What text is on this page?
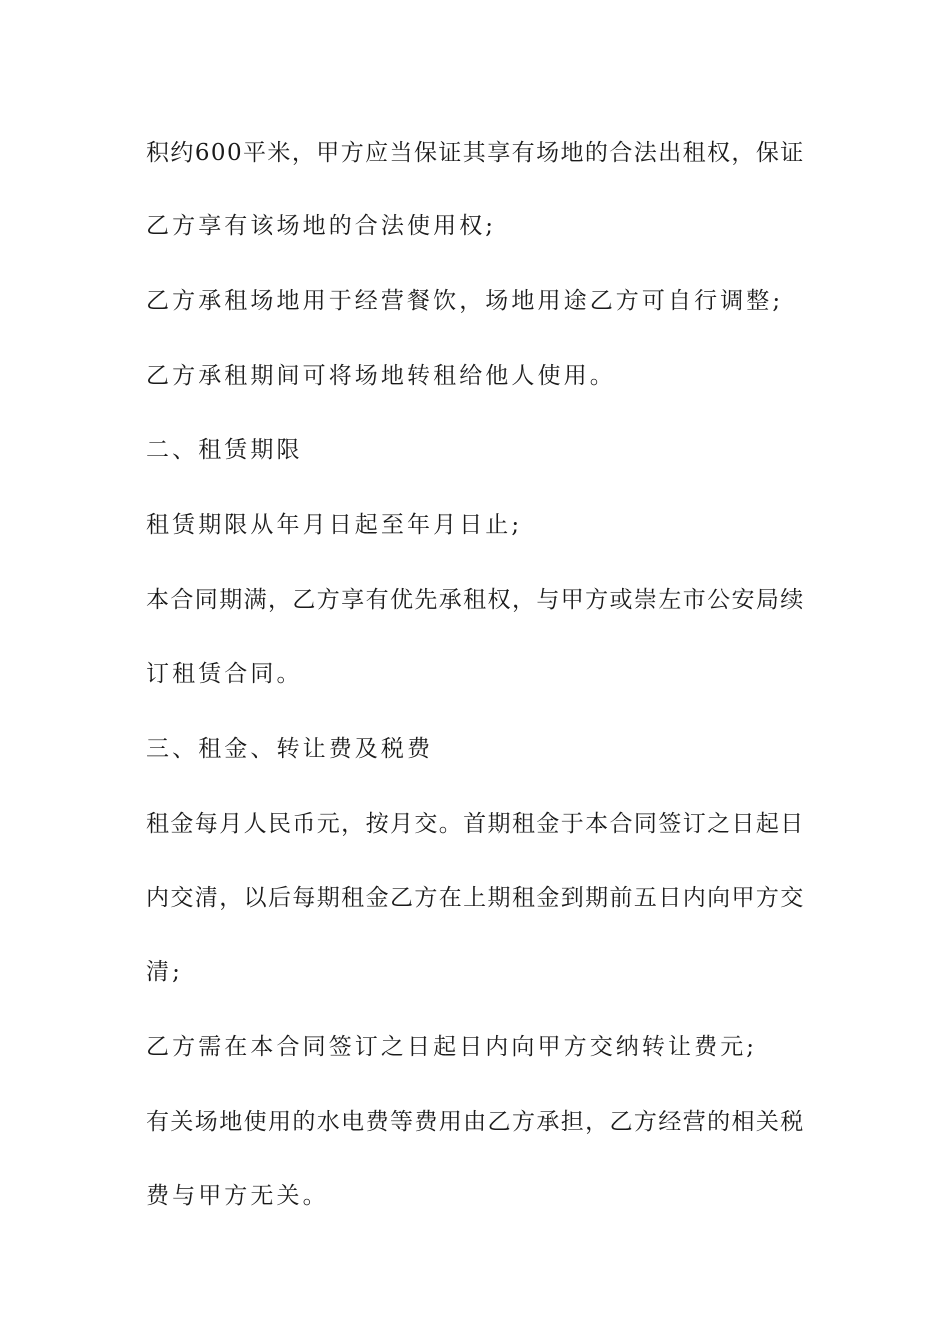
积约600平米，甲方应当保证其享有场地的合法出租权，保证
乙方享有该场地的合法使用权;
乙方承租场地用于经营餐饮，场地用途乙方可自行调整;
乙方承租期间可将场地转租给他人使用。
二、租赁期限
租赁期限从年月日起至年月日止;
本合同期满，乙方享有优先承租权，与甲方或崇左市公安局续
订租赁合同。
三、租金、转让费及税费
租金每月人民币元，按月交。首期租金于本合同签订之日起日
内交清，以后每期租金乙方在上期租金到期前五日内向甲方交
清;
乙方需在本合同签订之日起日内向甲方交纳转让费元;
有关场地使用的水电费等费用由乙方承担，乙方经营的相关税
费与甲方无关。
